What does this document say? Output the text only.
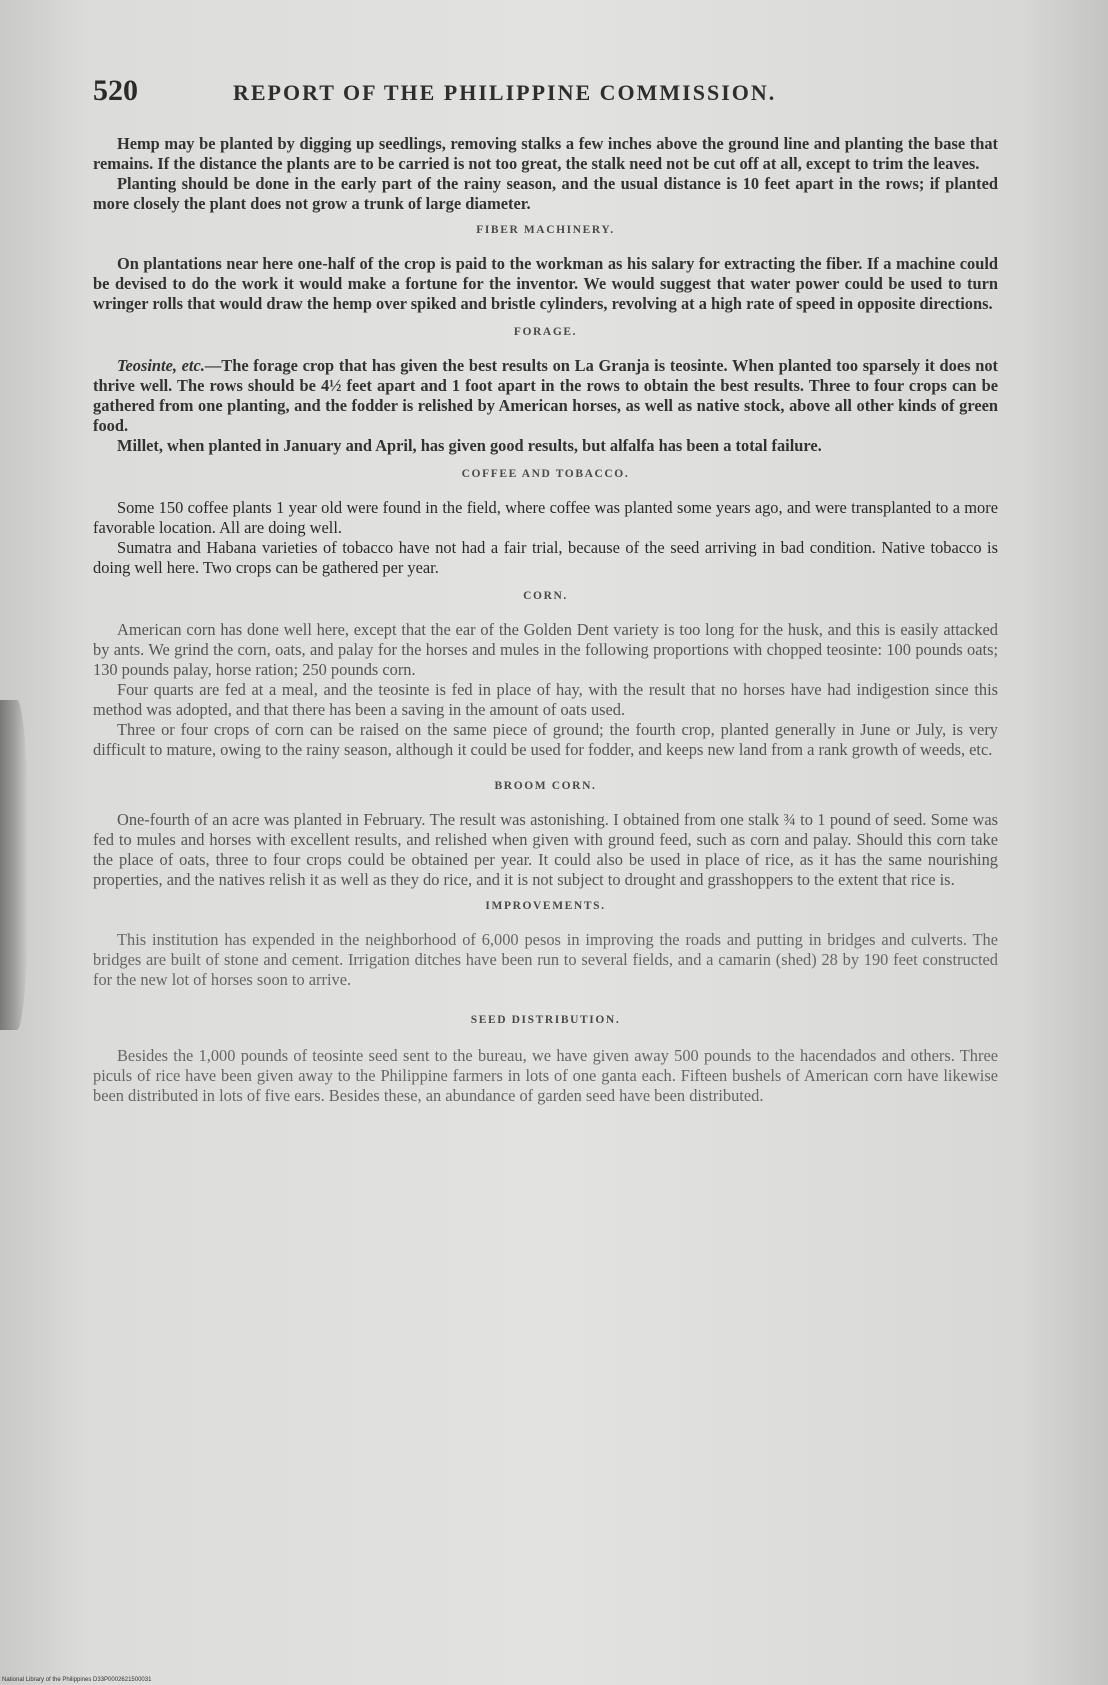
520	REPORT OF THE PHILIPPINE COMMISSION.

Hemp may be planted by digging up seedlings, removing stalks a few inches above the ground line and planting the base that remains. If the distance the plants are to be carried is not too great, the stalk need not be cut off at all, except to trim the leaves.

Planting should be done in the early part of the rainy season, and the usual distance is 10 feet apart in the rows; if planted more closely the plant does not grow a trunk of large diameter.

FIBER MACHINERY.

On plantations near here one-half of the crop is paid to the workman as his salary for extracting the fiber. If a machine could be devised to do the work it would make a fortune for the inventor. We would suggest that water power could be used to turn wringer rolls that would draw the hemp over spiked and bristle cylinders, revolving at a high rate of speed in opposite directions.

FORAGE.

Teosinte, etc.—The forage crop that has given the best results on La Granja is teosinte. When planted too sparsely it does not thrive well. The rows should be 4½ feet apart and 1 foot apart in the rows to obtain the best results. Three to four crops can be gathered from one planting, and the fodder is relished by American horses, as well as native stock, above all other kinds of green food.

Millet, when planted in January and April, has given good results, but alfalfa has been a total failure.

COFFEE AND TOBACCO.

Some 150 coffee plants 1 year old were found in the field, where coffee was planted some years ago, and were transplanted to a more favorable location. All are doing well.

Sumatra and Habana varieties of tobacco have not had a fair trial, because of the seed arriving in bad condition. Native tobacco is doing well here. Two crops can be gathered per year.

CORN.

American corn has done well here, except that the ear of the Golden Dent variety is too long for the husk, and this is easily attacked by ants. We grind the corn, oats, and palay for the horses and mules in the following proportions with chopped teosinte: 100 pounds oats; 130 pounds palay, horse ration; 250 pounds corn.

Four quarts are fed at a meal, and the teosinte is fed in place of hay, with the result that no horses have had indigestion since this method was adopted, and that there has been a saving in the amount of oats used.

Three or four crops of corn can be raised on the same piece of ground; the fourth crop, planted generally in June or July, is very difficult to mature, owing to the rainy season, although it could be used for fodder, and keeps new land from a rank growth of weeds, etc.

BROOM CORN.

One-fourth of an acre was planted in February. The result was astonishing. I obtained from one stalk ¾ to 1 pound of seed. Some was fed to mules and horses with excellent results, and relished when given with ground feed, such as corn and palay. Should this corn take the place of oats, three to four crops could be obtained per year. It could also be used in place of rice, as it has the same nourishing properties, and the natives relish it as well as they do rice, and it is not subject to drought and grasshoppers to the extent that rice is.

IMPROVEMENTS.

This institution has expended in the neighborhood of 6,000 pesos in improving the roads and putting in bridges and culverts. The bridges are built of stone and cement. Irrigation ditches have been run to several fields, and a camarin (shed) 28 by 190 feet constructed for the new lot of horses soon to arrive.

SEED DISTRIBUTION.

Besides the 1,000 pounds of teosinte seed sent to the bureau, we have given away 500 pounds to the hacendados and others. Three piculs of rice have been given away to the Philippine farmers in lots of one ganta each. Fifteen bushels of American corn have likewise been distributed in lots of five ears. Besides these, an abundance of garden seed have been distributed.

National Library of the Philippines D33P0002621500031
